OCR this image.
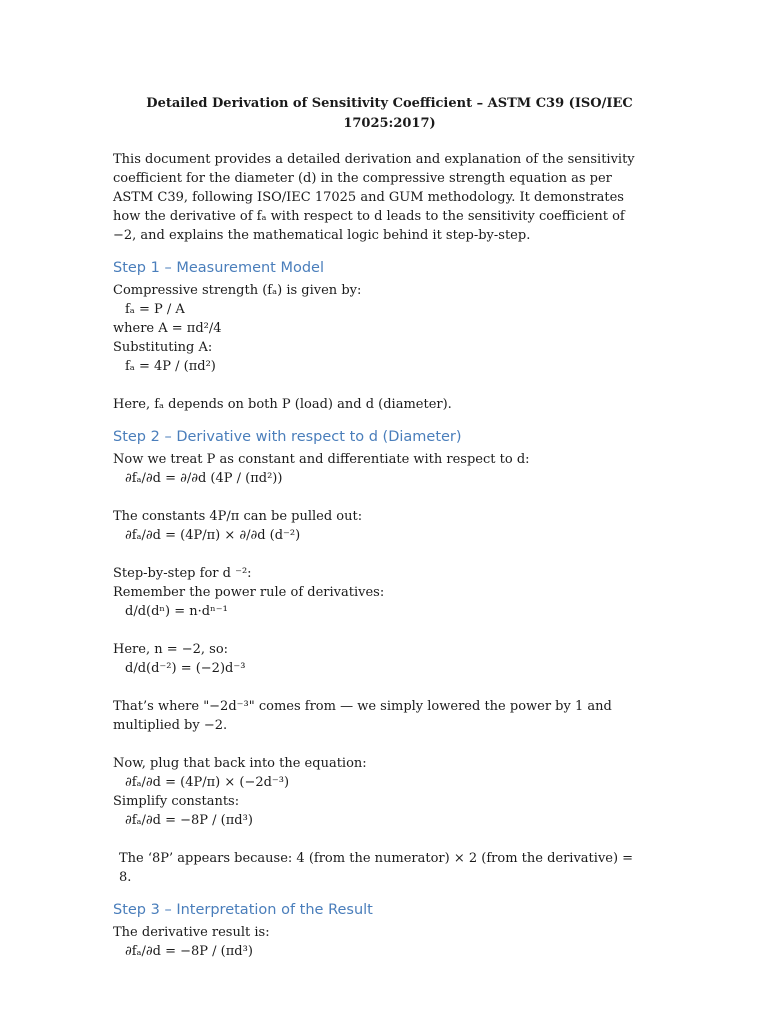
Detailed Derivation of Sensitivity Coefficient – ASTM C39 (ISO/IEC 17025:2017)
This document provides a detailed derivation and explanation of the sensitivity coefficient for the diameter (d) in the compressive strength equation as per ASTM C39, following ISO/IEC 17025 and GUM methodology. It demonstrates how the derivative of fₐ with respect to d leads to the sensitivity coefficient of −2, and explains the mathematical logic behind it step-by-step.
Step 1 – Measurement Model
Compressive strength (fₐ) is given by:
fₐ = P / A
where A = πd²/4
Substituting A:
fₐ = 4P / (πd²)
Here, fₐ depends on both P (load) and d (diameter).
Step 2 – Derivative with respect to d (Diameter)
Now we treat P as constant and differentiate with respect to d:
∂fₐ/∂d = ∂/∂d (4P / (πd²))
The constants 4P/π can be pulled out:
∂fₐ/∂d = (4P/π) × ∂/∂d (d⁻²)
Step-by-step for d ⁻²:
Remember the power rule of derivatives:
d/d(dⁿ) = n·dⁿ⁻¹
Here, n = −2, so:
d/d(d⁻²) = (−2)d⁻³
That’s where "−2d⁻³" comes from — we simply lowered the power by 1 and multiplied by −2.
Now, plug that back into the equation:
∂fₐ/∂d = (4P/π) × (−2d⁻³)
Simplify constants:
∂fₐ/∂d = −8P / (πd³)
The ‘8P’ appears because: 4 (from the numerator) × 2 (from the derivative) = 8.
Step 3 – Interpretation of the Result
The derivative result is:
∂fₐ/∂d = −8P / (πd³)
